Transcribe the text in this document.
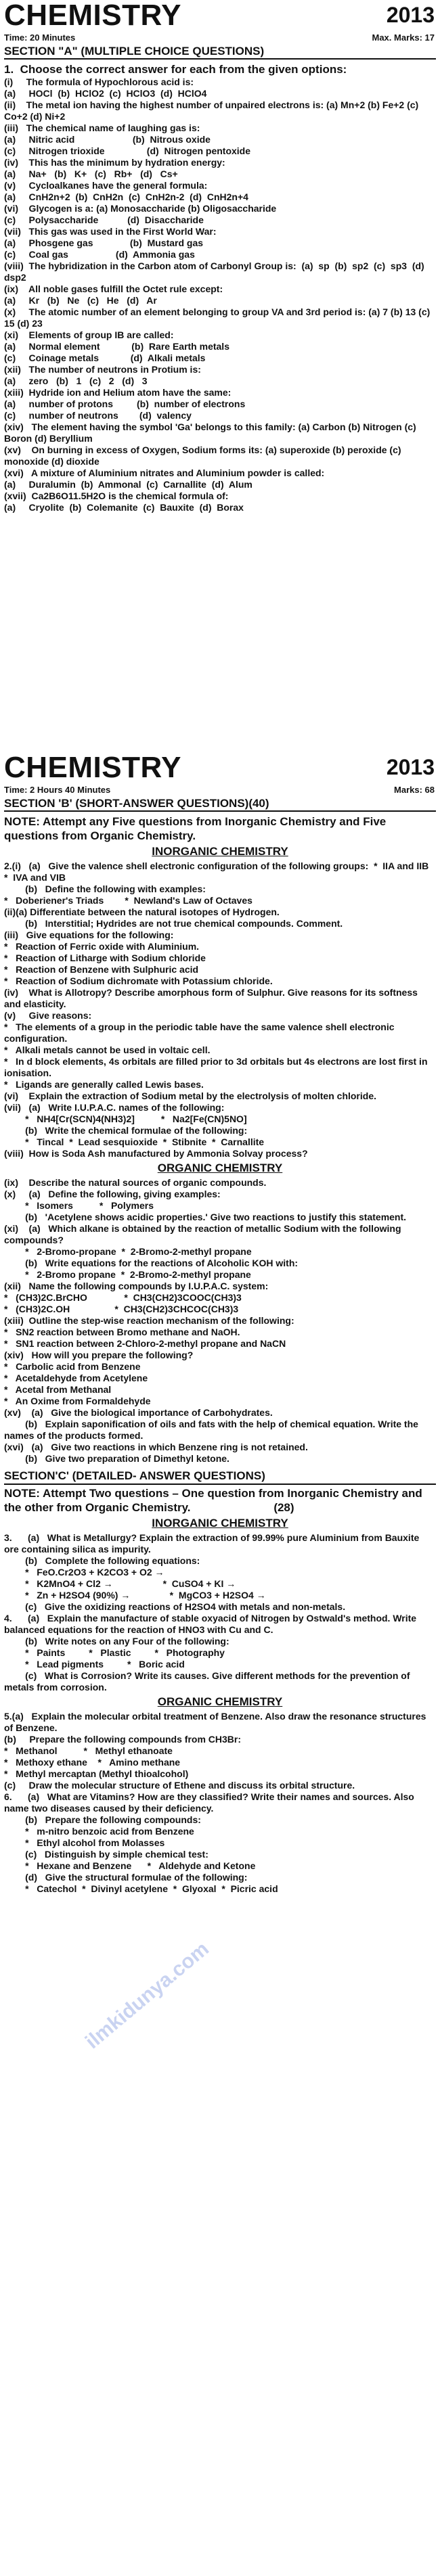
CHEMISTRY	2013
Time: 20 Minutes	Max. Marks: 17
SECTION "A" (MULTIPLE CHOICE QUESTIONS)

1.  Choose the correct answer for each from the given options:

(i)     The formula of Hypochlorous acid is:

(a)     HOCl  (b)  HClO2  (c)  HClO3  (d)  HClO4

(ii)    The metal ion having the highest number of unpaired electrons is: (a) Mn+2 (b) Fe+2 (c) Co+2 (d) Ni+2

(iii)   The chemical name of laughing gas is:

(a)     Nitric acid                      (b)  Nitrous oxide

(c)     Nitrogen trioxide                (d)  Nitrogen pentoxide

(iv)    This has the minimum by hydration energy:

(a)     Na+   (b)   K+   (c)   Rb+   (d)   Cs+

(v)     Cycloalkanes have the general formula:

(a)     CnH2n+2  (b)  CnH2n  (c)  CnH2n-2  (d)  CnH2n+4

(vi)    Glycogen is a: (a) Monosaccharide (b) Oligosaccharide

(c)     Polysaccharide           (d)  Disaccharide

(vii)   This gas was used in the First World War:

(a)     Phosgene gas              (b)  Mustard gas

(c)     Coal gas                  (d)  Ammonia gas

(viii)  The hybridization in the Carbon atom of Carbonyl Group is:  (a)  sp  (b)  sp2  (c)  sp3  (d) dsp2

(ix)    All noble gases fulfill the Octet rule except:

(a)     Kr   (b)   Ne   (c)   He   (d)   Ar

(x)     The atomic number of an element belonging to group VA and 3rd period is: (a) 7 (b) 13 (c) 15 (d) 23

(xi)    Elements of group IB are called:

(a)     Normal element            (b)  Rare Earth metals

(c)     Coinage metals            (d)  Alkali metals

(xii)   The number of neutrons in Protium is:

(a)     zero   (b)   1   (c)   2   (d)   3

(xiii)  Hydride ion and Helium atom have the same:

(a)     number of protons         (b)  number of electrons

(c)     number of neutrons        (d)  valency

(xiv)   The element having the symbol 'Ga' belongs to this family: (a) Carbon (b) Nitrogen (c) Boron (d) Beryllium

(xv)    On burning in excess of Oxygen, Sodium forms its: (a) superoxide (b) peroxide (c) monoxide (d) dioxide

(xvi)   A mixture of Aluminium nitrates and Aluminium powder is called:

(a)     Duralumin  (b)  Ammonal  (c)  Carnallite  (d)  Alum

(xvii)  Ca2B6O11.5H2O is the chemical formula of:

(a)     Cryolite  (b)  Colemanite  (c)  Bauxite  (d)  Borax

CHEMISTRY	2013
Time: 2 Hours 40 Minutes	Marks: 68
SECTION 'B' (SHORT-ANSWER QUESTIONS)(40)

NOTE: Attempt any Five questions from Inorganic Chemistry and Five questions from Organic Chemistry.

INORGANIC CHEMISTRY

2.(i)   (a)   Give the valence shell electronic configuration of the following groups:  *  IIA and IIB    *  IVA and VIB

(b)   Define the following with examples:

*   Doberiener's Triads        *  Newland's Law of Octaves

(ii)(a) Differentiate between the natural isotopes of Hydrogen.

(b)   Interstitial; Hydrides are not true chemical compounds. Comment.

(iii)   Give equations for the following:

*   Reaction of Ferric oxide with Aluminium.

*   Reaction of Litharge with Sodium chloride

*   Reaction of Benzene with Sulphuric acid

*   Reaction of Sodium dichromate with Potassium chloride.

(iv)    What is Allotropy? Describe amorphous form of Sulphur. Give reasons for its softness and elasticity.

(v)     Give reasons:

*   The elements of a group in the periodic table have the same valence shell electronic configuration.

*   Alkali metals cannot be used in voltaic cell.

*   In d block elements, 4s orbitals are filled prior to 3d orbitals but 4s electrons are lost first in ionisation.

*   Ligands are generally called Lewis bases.

(vi)    Explain the extraction of Sodium metal by the electrolysis of molten chloride.

(vii)   (a)   Write I.U.P.A.C. names of the following:

*   NH4[Cr(SCN)4(NH3)2]          *   Na2[Fe(CN)5NO]

(b)   Write the chemical formulae of the following:

*   Tincal  *  Lead sesquioxide  *  Stibnite  *  Carnallite

(viii)  How is Soda Ash manufactured by Ammonia Solvay process?

ORGANIC CHEMISTRY

(ix)    Describe the natural sources of organic compounds.

(x)     (a)   Define the following, giving examples:

*   Isomers          *   Polymers

(b)   'Acetylene shows acidic properties.' Give two reactions to justify this statement.

(xi)    (a)   Which alkane is obtained by the reaction of metallic Sodium with the following compounds?

*   2-Bromo-propane  *  2-Bromo-2-methyl propane

(b)   Write equations for the reactions of Alcoholic KOH with:

*   2-Bromo propane  *  2-Bromo-2-methyl propane

(xii)   Name the following compounds by I.U.P.A.C. system:

*   (CH3)2C.BrCHO              *  CH3(CH2)3COOC(CH3)3

*   (CH3)2C.OH                 *  CH3(CH2)3CHCOC(CH3)3

(xiii)  Outline the step-wise reaction mechanism of the following:

*   SN2 reaction between Bromo methane and NaOH.

*   SN1 reaction between 2-Chloro-2-methyl propane and NaCN

(xiv)   How will you prepare the following?

*   Carbolic acid from Benzene

*   Acetaldehyde from Acetylene

*   Acetal from Methanal

*   An Oxime from Formaldehyde

(xv)    (a)   Give the biological importance of Carbohydrates.

(b)   Explain saponification of oils and fats with the help of chemical equation. Write the names of the products formed.

(xvi)   (a)   Give two reactions in which Benzene ring is not retained.

(b)   Give two preparation of Dimethyl ketone.

SECTION'C' (DETAILED- ANSWER QUESTIONS)

NOTE: Attempt Two questions – One question from Inorganic Chemistry and the other from Organic Chemistry.                          (28)

INORGANIC CHEMISTRY

3.      (a)   What is Metallurgy? Explain the extraction of 99.99% pure Aluminium from Bauxite ore containing silica as impurity.

(b)   Complete the following equations:

*   FeO.Cr2O3 + K2CO3 + O2 →

*   K2MnO4 + Cl2 →                   *  CuSO4 + KI →

*   Zn + H2SO4 (90%) →               *  MgCO3 + H2SO4 →

(c)   Give the oxidizing reactions of H2SO4 with metals and non-metals.

4.      (a)   Explain the manufacture of stable oxyacid of Nitrogen by Ostwald's method. Write balanced equations for the reaction of HNO3 with Cu and C.

(b)   Write notes on any Four of the following:

*   Paints         *   Plastic         *   Photography

*   Lead pigments         *   Boric acid

(c)   What is Corrosion? Write its causes. Give different methods for the prevention of metals from corrosion.

ORGANIC CHEMISTRY

5.(a)   Explain the molecular orbital treatment of Benzene. Also draw the resonance structures of Benzene.

(b)     Prepare the following compounds from CH3Br:

*   Methanol          *   Methyl ethanoate

*   Methoxy ethane    *   Amino methane

*   Methyl mercaptan (Methyl thioalcohol)

(c)     Draw the molecular structure of Ethene and discuss its orbital structure.

6.      (a)   What are Vitamins? How are they classified? Write their names and sources. Also name two diseases caused by their deficiency.

(b)   Prepare the following compounds:

*   m-nitro benzoic acid from Benzene

*   Ethyl alcohol from Molasses

(c)   Distinguish by simple chemical test:

*   Hexane and Benzene      *   Aldehyde and Ketone

(d)   Give the structural formulae of the following:

*   Catechol  *  Divinyl acetylene  *  Glyoxal  *  Picric acid

ilmkidunya.com
